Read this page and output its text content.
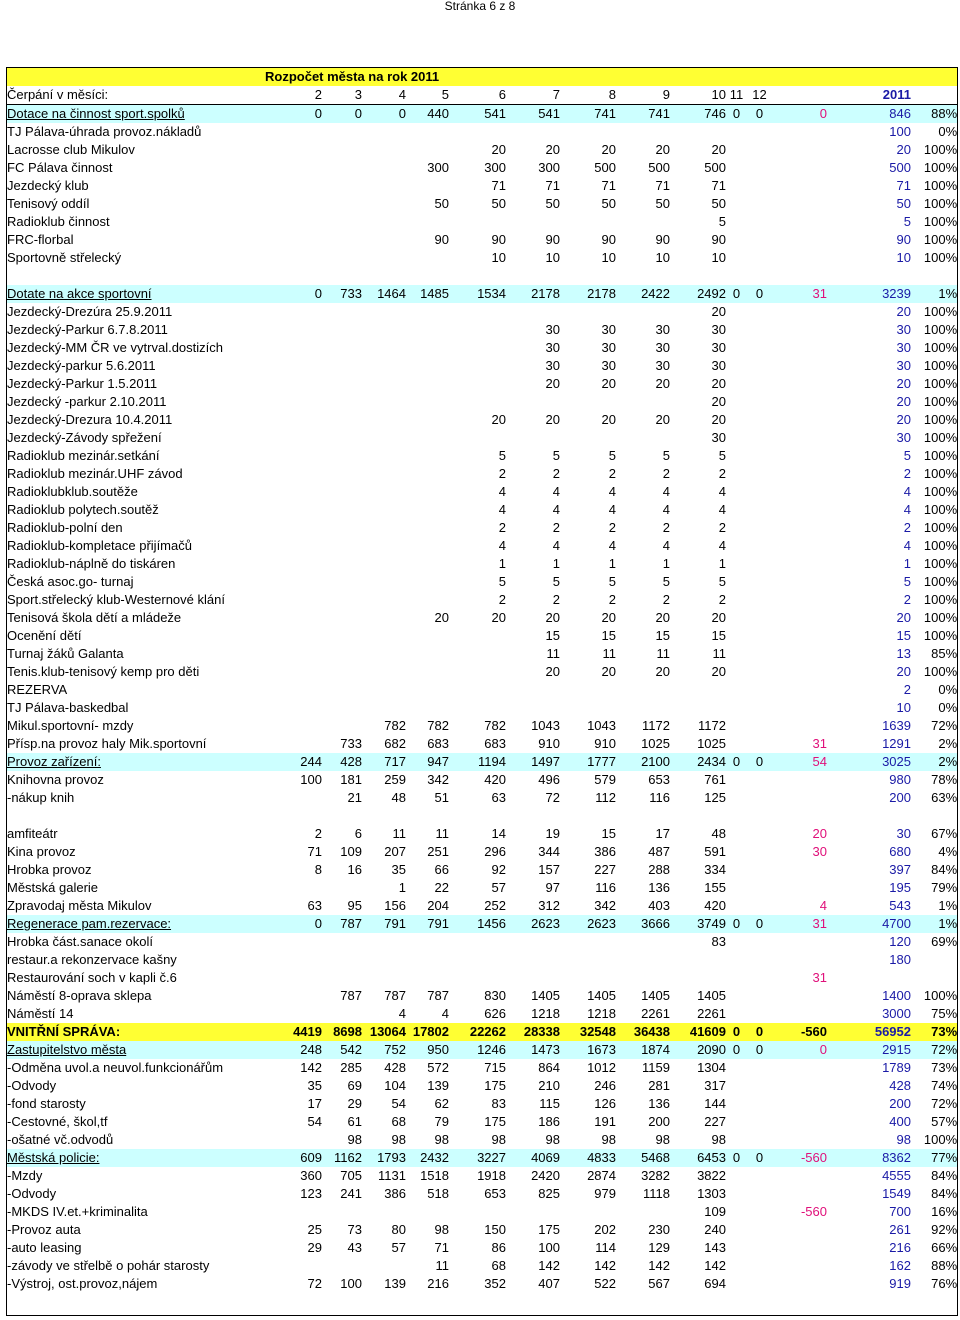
Stránka 6 z 8
Rozpočet města na rok 2011															
Čerpání v měsíci:		2	3	4	5	6	7	8	9	10	11	12		2011	
Dotace na činnost sport.spolků		0	0	0	440	541	541	741	741	746	0	0	0	846	88%
TJ Pálava-úhrada provoz.nákladů														100	0%
Lacrosse club Mikulov						20	20	20	20	20				20	100%
FC Pálava činnost					300	300	300	500	500	500				500	100%
Jezdecký klub						71	71	71	71	71				71	100%
Tenisový oddíl					50	50	50	50	50	50				50	100%
Radioklub činnost										5				5	100%
FRC-florbal					90	90	90	90	90	90				90	100%
Sportovně střelecký						10	10	10	10	10				10	100%

Dotate na akce sportovní		0	733	1464	1485	1534	2178	2178	2422	2492	0	0	31	3239	1%
Jezdecký-Drezúra 25.9.2011										20				20	100%
Jezdecký-Parkur 6.7.8.2011							30	30	30	30				30	100%
Jezdecký-MM ČR ve vytrval.dostizích							30	30	30	30				30	100%
Jezdecký-parkur 5.6.2011							30	30	30	30				30	100%
Jezdecký-Parkur 1.5.2011							20	20	20	20				20	100%
Jezdecký -parkur 2.10.2011										20				20	100%
Jezdecký-Drezura 10.4.2011						20	20	20	20	20				20	100%
Jezdecký-Závody spřežení										30				30	100%
Radioklub mezinár.setkání						5	5	5	5	5				5	100%
Radioklub mezinár.UHF závod						2	2	2	2	2				2	100%
Radioklubklub.soutěže						4	4	4	4	4				4	100%
Radioklub polytech.soutěž						4	4	4	4	4				4	100%
Radioklub-polní den						2	2	2	2	2				2	100%
Radioklub-kompletace přijímačů						4	4	4	4	4				4	100%
Radioklub-náplně do tiskáren						1	1	1	1	1				1	100%
Česká asoc.go- turnaj						5	5	5	5	5				5	100%
Sport.střelecký klub-Westernové klání						2	2	2	2	2				2	100%
Tenisová škola dětí a mládeže					20	20	20	20	20	20				20	100%
Ocenění dětí							15	15	15	15				15	100%
Turnaj žáků Galanta							11	11	11	11				13	85%
Tenis.klub-tenisový kemp pro děti							20	20	20	20				20	100%
REZERVA														2	0%
TJ Pálava-baskedbal														10	0%
Mikul.sportovní- mzdy				782	782	782	1043	1043	1172	1172				1639	72%
Přísp.na provoz haly Mik.sportovní			733	682	683	683	910	910	1025	1025			31	1291	2%
Provoz zařízení:		244	428	717	947	1194	1497	1777	2100	2434	0	0	54	3025	2%
Knihovna provoz		100	181	259	342	420	496	579	653	761				980	78%
-nákup knih			21	48	51	63	72	112	116	125				200	63%

amfiteátr		2	6	11	11	14	19	15	17	48			20	30	67%
Kina provoz		71	109	207	251	296	344	386	487	591			30	680	4%
Hrobka provoz		8	16	35	66	92	157	227	288	334				397	84%
Městská galerie				1	22	57	97	116	136	155				195	79%
Zpravodaj města Mikulov		63	95	156	204	252	312	342	403	420			4	543	1%
Regenerace pam.rezervace:		0	787	791	791	1456	2623	2623	3666	3749	0	0	31	4700	1%
Hrobka část.sanace okolí										83				120	69%
restaur.a rekonzervace kašny														180	
Restaurování soch v kapli č.6													31		
Náměstí 8-oprava sklepa			787	787	787	830	1405	1405	1405	1405				1400	100%
Náměstí 14				4	4	626	1218	1218	2261	2261				3000	75%
VNITŘNÍ SPRÁVA:		4419	8698	13064	17802	22262	28338	32548	36438	41609	0	0	-560	56952	73%
Zastupitelstvo města		248	542	752	950	1246	1473	1673	1874	2090	0	0	0	2915	72%
-Odměna uvol.a neuvol.funkcionářům		142	285	428	572	715	864	1012	1159	1304				1789	73%
-Odvody		35	69	104	139	175	210	246	281	317				428	74%
-fond starosty		17	29	54	62	83	115	126	136	144				200	72%
-Cestovné, škol,tf		54	61	68	79	175	186	191	200	227				400	57%
-ošatné vč.odvodů			98	98	98	98	98	98	98	98				98	100%
Městská policie:		609	1162	1793	2432	3227	4069	4833	5468	6453	0	0	-560	8362	77%
-Mzdy		360	705	1131	1518	1918	2420	2874	3282	3822				4555	84%
-Odvody		123	241	386	518	653	825	979	1118	1303				1549	84%
-MKDS IV.et.+kriminalita										109			-560	700	16%
-Provoz auta		25	73	80	98	150	175	202	230	240				261	92%
-auto leasing		29	43	57	71	86	100	114	129	143				216	66%
-závody ve střelbě o pohár starosty					11	68	142	142	142	142				162	88%
-Výstroj, ost.provoz,nájem		72	100	139	216	352	407	522	567	694				919	76%
